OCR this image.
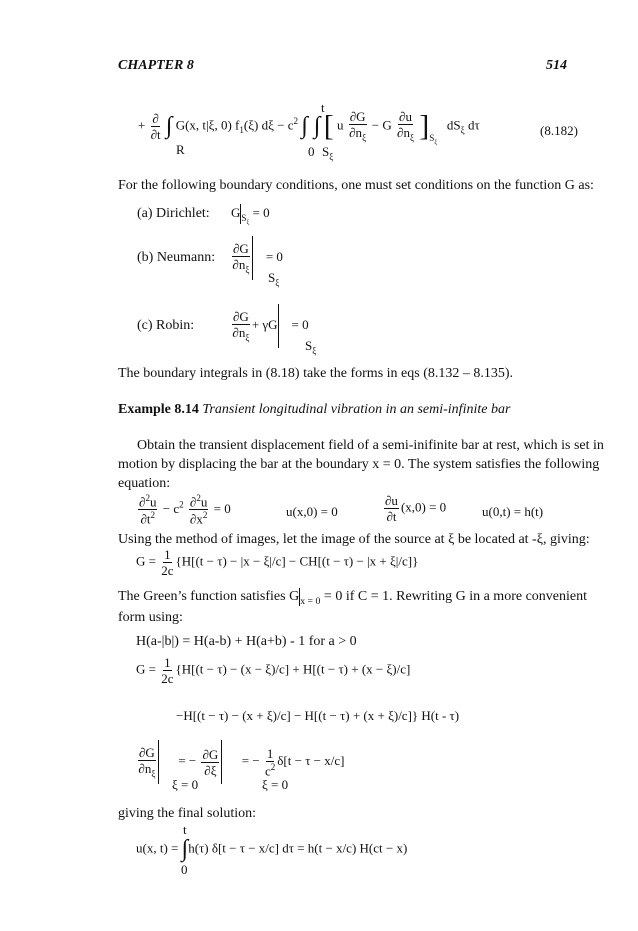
CHAPTER 8	514
+ $\frac{\partial}{\partial t}$ ∫ G(x, t|ξ, 0) $f_1(\xi) d\xi - c^2$ ∫ ∫ [ u $\frac{\partial G}{\partial n_\xi} - G \frac{\partial u}{\partial n_\xi} ]_{S_\xi}$   $dS_\xi$ dτ
R
t
0 $S_\xi$
(8.182)
For the following boundary conditions, one must set conditions on the function G as:
(a) Dirichlet: $G_{S_\xi} = 0$
(b) Neumann: $\frac{\partial G}{\partial n_\xi} = 0$
$S_\xi$
(c) Robin:	$\frac{\partial G}{\partial n_\xi} + \gamma G = 0$
$S_\xi$
The boundary integrals in (8.18) take the forms in eqs (8.132 – 8.135).
Example 8.14 Transient longitudinal vibration in an semi-infinite bar
Obtain the transient displacement field of a semi-inifinite bar at rest, which is set in
motion by displacing the bar at the boundary x = 0. The system satisfies the following
equation:
$\frac{\partial^2u}{\partial t^2} - c^2 \frac{\partial^2u}{\partial x^2} = 0$	u(x,0) = 0	$\frac{\partial u}{\partial t} (x,0) = 0$	u(0,t) = h(t)
Using the method of images, let the image of the source at ξ be located at -ξ, giving:
$G = \frac{1}{2c} \{H[(t - \tau) - |x - \xi|/c] - CH[(t - \tau) - |x + \xi|/c]\}$
The Green’s function satisfies $G_{x = 0} = 0$ if C = 1. Rewriting G in a more convenient
form using:
H(a-|b|) = H(a-b) + H(a+b) - 1 for a > 0
$G = \frac{1}{2c} \{H[(t - \tau) - (x - \xi)/c] + H[(t - \tau) + (x - \xi)/c]$
−H[(t − τ) − (x + ξ)/c] − H[(t − τ) + (x + ξ)/c]} H(t - τ)
$\frac{\partial G}{\partial n_\xi}$ = − $\frac{\partial G}{\partial\xi}$ = − $\frac{1}{c^2} \delta[t - \tau - x/c]$
ξ = 0	ξ = 0
giving the final solution:
u(x, t) = ∫h(τ) δ[t − τ − x/c] dτ = h(t − x/c) H(ct − x)
t
0
